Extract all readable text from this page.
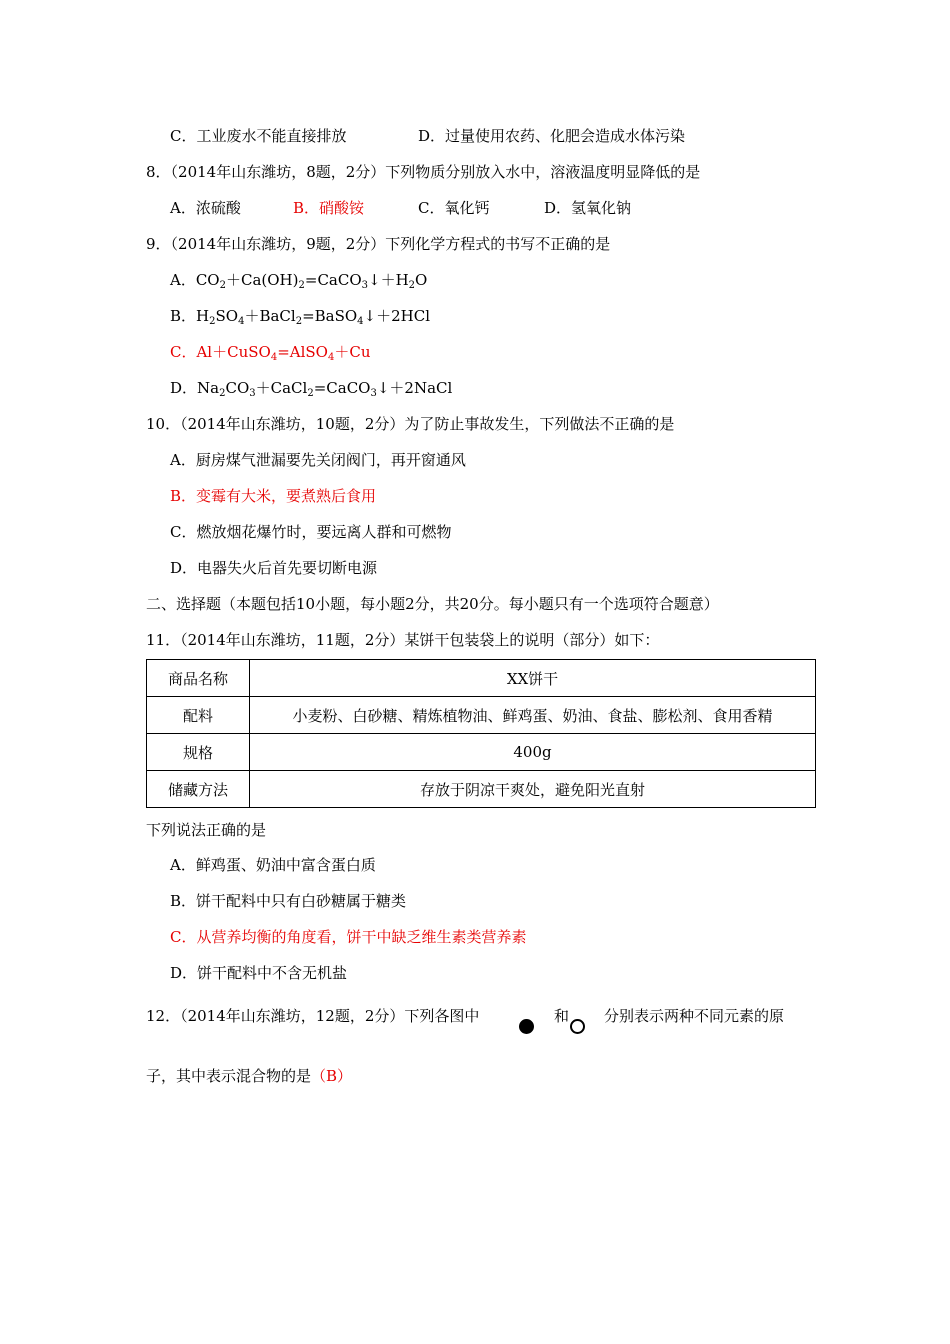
C．工业废水不能直接排放	D．过量使用农药、化肥会造成水体污染
8．（2014年山东潍坊，8题，2分）下列物质分别放入水中，溶液温度明显降低的是
A．浓硫酸	B．硝酸铵	C．氧化钙	D．氢氧化钠
9．（2014年山东潍坊，9题，2分）下列化学方程式的书写不正确的是
A．$CO_2+Ca(OH)_2=CaCO_3↓+H_2O$
B．$H_2SO_4+BaCl_2=BaSO_4↓+2HCl$
C．Al＋CuSO$_4$=AlSO$_4$＋Cu
D．$Na_2CO_3+CaCl_2=CaCO_3↓+2NaCl$
10．（2014年山东潍坊，10题，2分）为了防止事故发生，下列做法不正确的是
A．厨房煤气泄漏要先关闭阀门，再开窗通风
B．变霉有大米，要煮熟后食用
C．燃放烟花爆竹时，要远离人群和可燃物
D．电器失火后首先要切断电源
二、选择题（本题包括10小题，每小题2分，共20分。每小题只有一个选项符合题意）
11．（2014年山东潍坊，11题，2分）某饼干包装袋上的说明（部分）如下：
商品名称	XX饼干
配料	小麦粉、白砂糖、精炼植物油、鲜鸡蛋、奶油、食盐、膨松剂、食用香精
规格	400g
储藏方法	存放于阴凉干爽处，避免阳光直射
下列说法正确的是
A．鲜鸡蛋、奶油中富含蛋白质
B．饼干配料中只有白砂糖属于糖类
C．从营养均衡的角度看，饼干中缺乏维生素类营养素
D．饼干配料中不含无机盐
12．（2014年山东潍坊，12题，2分）下列各图中	和 分别表示两种不同元素的原
子，其中表示混合物的是（B）
